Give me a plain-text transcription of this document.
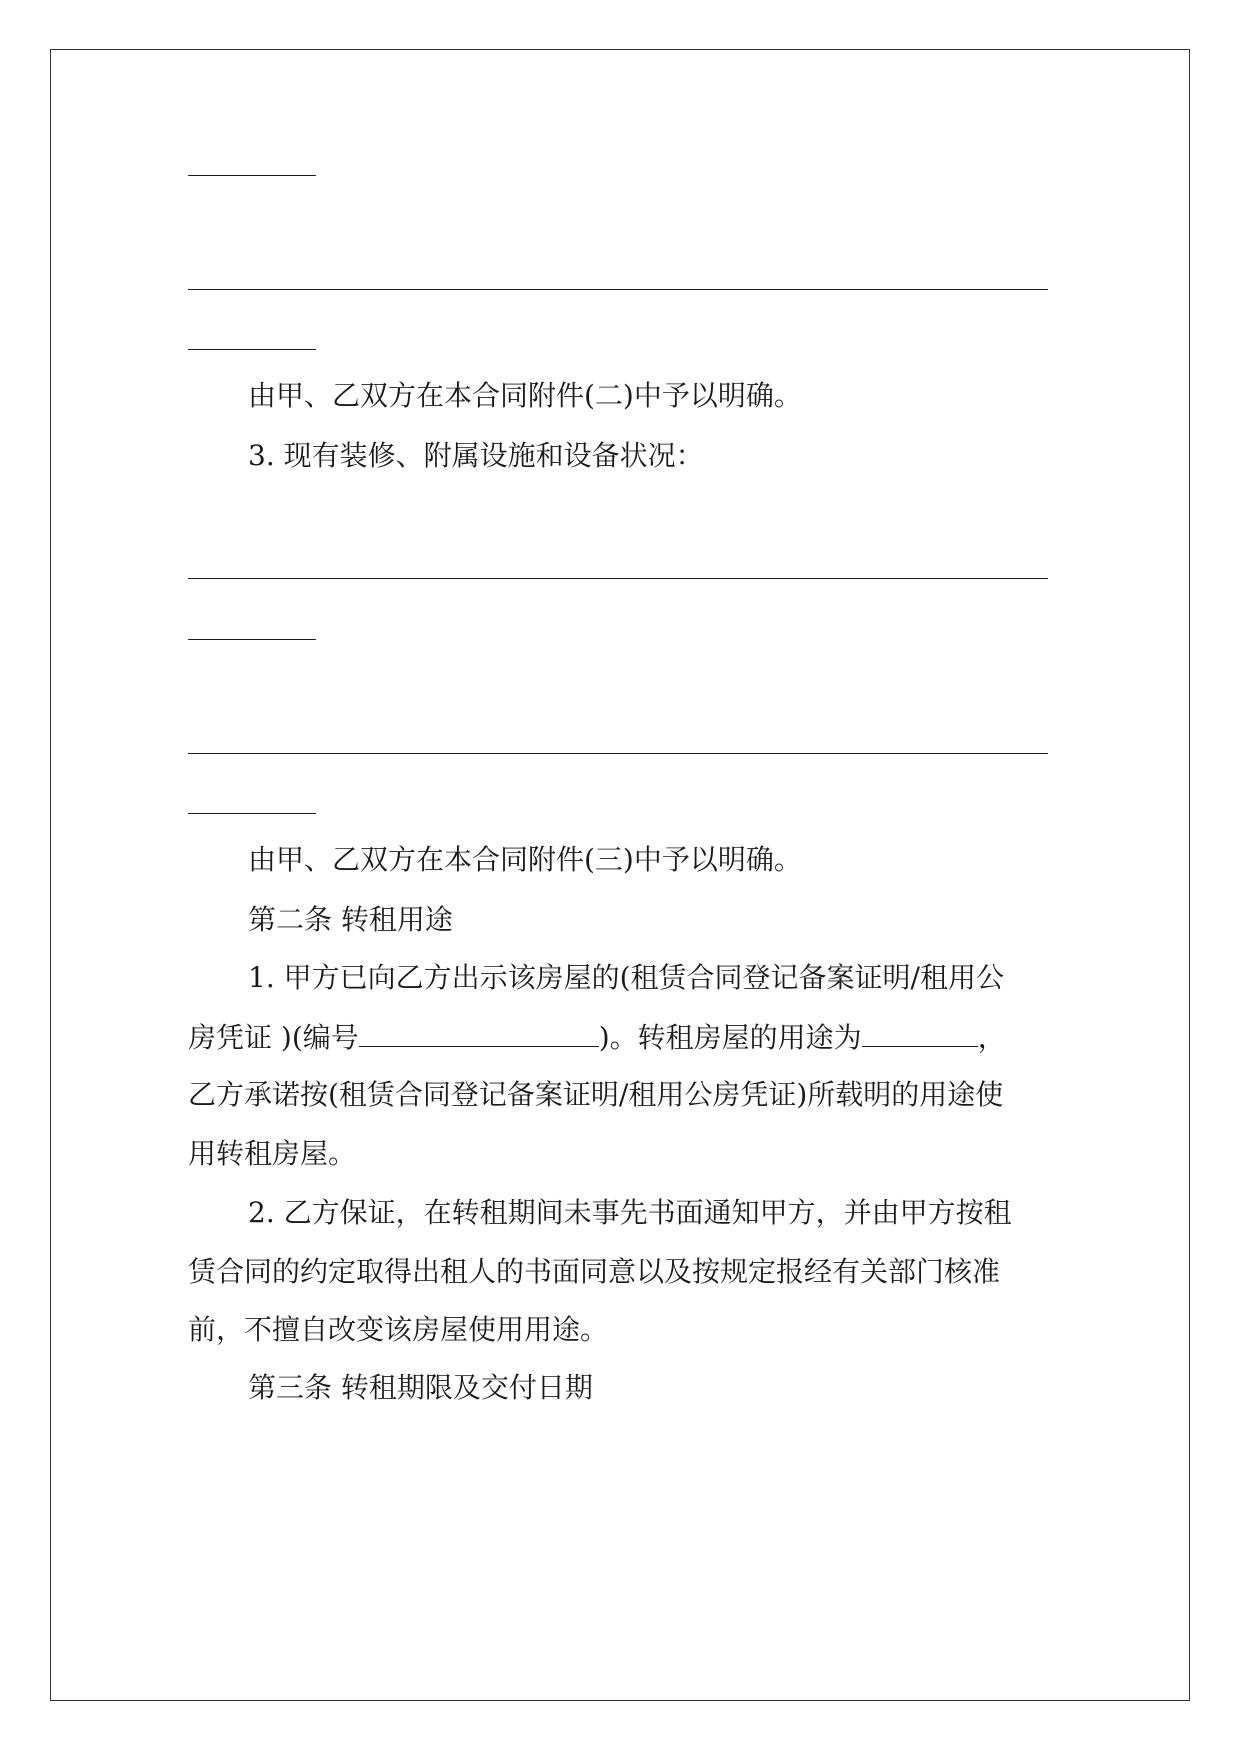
由甲、乙双方在本合同附件(二)中予以明确。
3. 现有装修、附属设施和设备状况：
由甲、乙双方在本合同附件(三)中予以明确。
第二条 转租用途
1. 甲方已向乙方出示该房屋的(租赁合同登记备案证明/租用公
房凭证 )(编号	)。转租房屋的用途为	，
乙方承诺按(租赁合同登记备案证明/租用公房凭证)所载明的用途使
用转租房屋。
2. 乙方保证，在转租期间未事先书面通知甲方，并由甲方按租
赁合同的约定取得出租人的书面同意以及按规定报经有关部门核准
前，不擅自改变该房屋使用用途。
第三条 转租期限及交付日期
